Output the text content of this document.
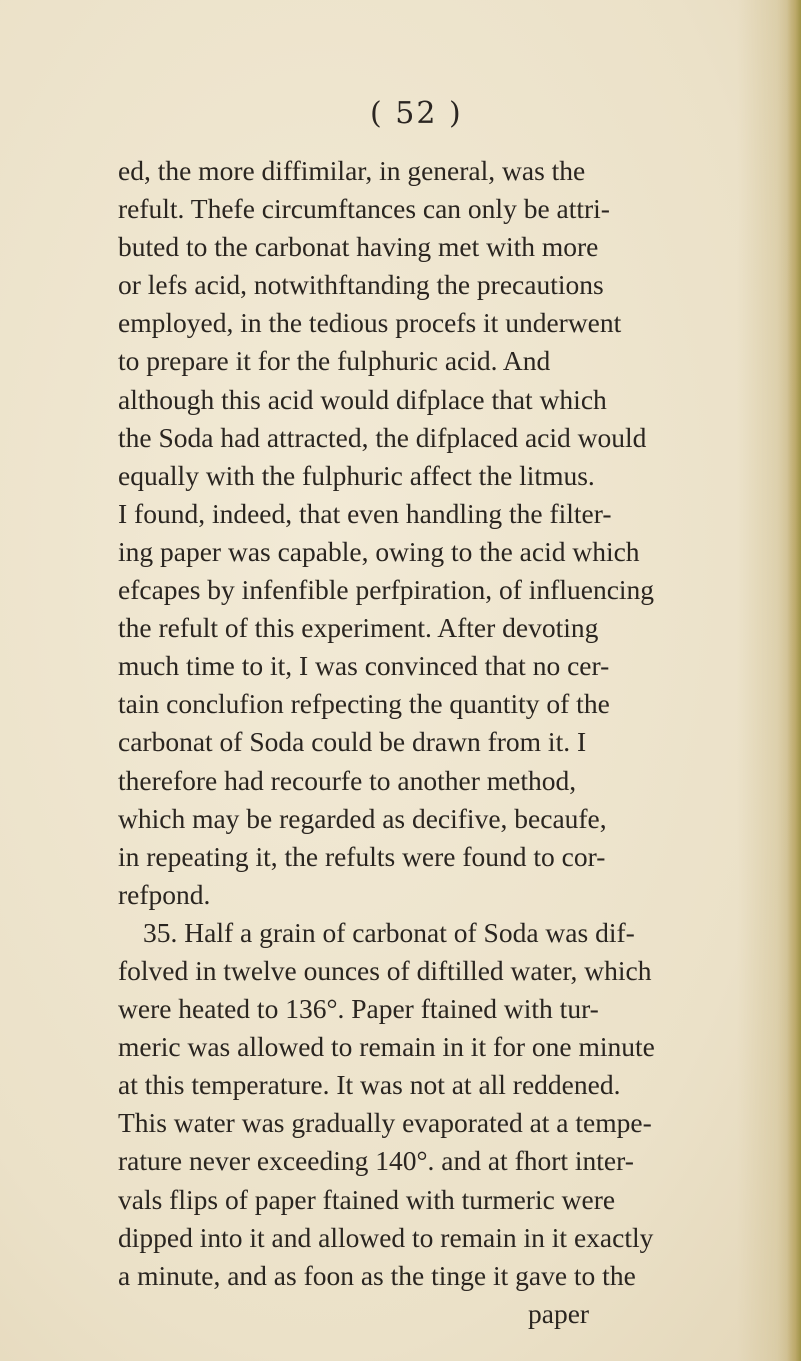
( 52 )
ed, the more diffimilar, in general, was the
refult. Thefe circumftances can only be attri-
buted to the carbonat having met with more
or lefs acid, notwithftanding the precautions
employed, in the tedious procefs it underwent
to prepare it for the fulphuric acid. And
although this acid would difplace that which
the Soda had attracted, the difplaced acid would
equally with the fulphuric affect the litmus.
I found, indeed, that even handling the filter-
ing paper was capable, owing to the acid which
efcapes by infenfible perfpiration, of influencing
the refult of this experiment. After devoting
much time to it, I was convinced that no cer-
tain conclufion refpecting the quantity of the
carbonat of Soda could be drawn from it. I
therefore had recourfe to another method,
which may be regarded as decifive, becaufe,
in repeating it, the refults were found to cor-
refpond.
35. Half a grain of carbonat of Soda was dif-
folved in twelve ounces of diftilled water, which
were heated to 136°. Paper ftained with tur-
meric was allowed to remain in it for one minute
at this temperature. It was not at all reddened.
This water was gradually evaporated at a tempe-
rature never exceeding 140°. and at fhort inter-
vals flips of paper ftained with turmeric were
dipped into it and allowed to remain in it exactly
a minute, and as foon as the tinge it gave to the
paper
